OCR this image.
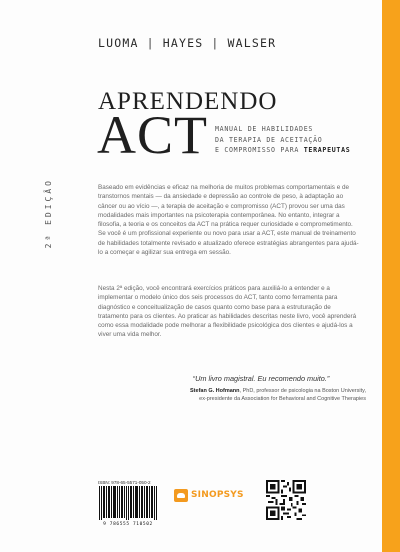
LUOMA | HAYES | WALSER
APRENDENDO
ACT MANUAL DE HABILIDADES
DA TERAPIA DE ACEITAÇÃO
E COMPROMISSO PARA TERAPEUTAS
2ª EDIÇÃO	Baseado em evidências e eficaz na melhoria de muitos problemas comportamentais e de transtornos mentais — da ansiedade e depressão ao controle de peso, à adaptação ao câncer ou ao vício —, a terapia de aceitação e compromisso (ACT) provou ser uma das modalidades mais importantes na psicoterapia contemporânea. No entanto, integrar a filosofia, a teoria e os conceitos da ACT na prática requer curiosidade e comprometimento. Se você é um profissional experiente ou novo para usar a ACT, este manual de treinamento de habilidades totalmente revisado e atualizado oferece estratégias abrangentes para ajudá-lo a começar e agilizar sua entrega em sessão.
Nesta 2ª edição, você encontrará exercícios práticos para auxiliá-lo a entender e a implementar o modelo único dos seis processos do ACT, tanto como ferramenta para diagnóstico e conceitualização de casos quanto como base para a estruturação de tratamento para os clientes. Ao praticar as habilidades descritas neste livro, você aprenderá como essa modalidade pode melhorar a flexibilidade psicológica dos clientes e ajudá-los a viver uma vida melhor.
“Um livro magistral. Eu recomendo muito.”
Stefan G. Hofmann, PhD, professor de psicologia na Boston University,
ex-presidente da Association for Behavioral and Cognitive Therapies
ISBN: 978-65-5571-050-2
9 786555 710502
SINOPSYS
